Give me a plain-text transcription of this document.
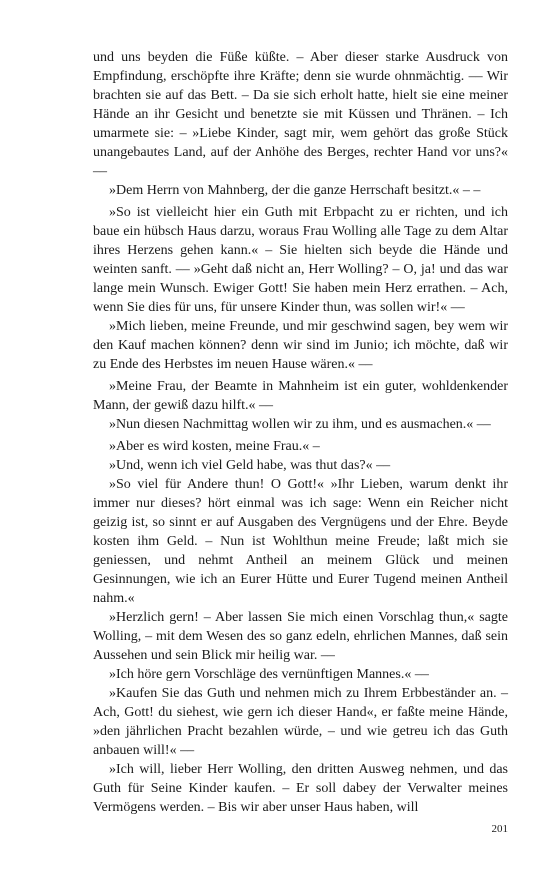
und uns beyden die Füße küßte. – Aber dieser starke Ausdruck von Empfindung, erschöpfte ihre Kräfte; denn sie wurde ohnmächtig. –– Wir brachten sie auf das Bett. – Da sie sich erholt hatte, hielt sie eine meiner Hände an ihr Gesicht und benetzte sie mit Küssen und Thränen. – Ich umarmete sie: – »Liebe Kinder, sagt mir, wem gehört das große Stück unangebautes Land, auf der Anhöhe des Berges, rechter Hand vor uns?« ––

»Dem Herrn von Mahnberg, der die ganze Herrschaft besitzt.« – –

»So ist vielleicht hier ein Guth mit Erbpacht zu er richten, und ich baue ein hübsch Haus darzu, woraus Frau Wolling alle Tage zu dem Altar ihres Herzens gehen kann.« – Sie hielten sich beyde die Hände und weinten sanft. –– »Geht daß nicht an, Herr Wolling? – O, ja! und das war lange mein Wunsch. Ewiger Gott! Sie haben mein Herz errathen. – Ach, wenn Sie dies für uns, für unsere Kinder thun, was sollen wir!« ––

»Mich lieben, meine Freunde, und mir geschwind sagen, bey wem wir den Kauf machen können? denn wir sind im Junio; ich möchte, daß wir zu Ende des Herbstes im neuen Hause wären.« ––

»Meine Frau, der Beamte in Mahnheim ist ein guter, wohldenkender Mann, der gewiß dazu hilft.« ––

»Nun diesen Nachmittag wollen wir zu ihm, und es ausmachen.« ––

»Aber es wird kosten, meine Frau.« –

»Und, wenn ich viel Geld habe, was thut das?« ––

»So viel für Andere thun! O Gott!« »Ihr Lieben, warum denkt ihr immer nur dieses? hört einmal was ich sage: Wenn ein Reicher nicht geizig ist, so sinnt er auf Ausgaben des Vergnügens und der Ehre. Beyde kosten ihm Geld. – Nun ist Wohlthun meine Freude; laßt mich sie geniessen, und nehmt Antheil an meinem Glück und meinen Gesinnungen, wie ich an Eurer Hütte und Eurer Tugend meinen Antheil nahm.«

»Herzlich gern! – Aber lassen Sie mich einen Vorschlag thun,« sagte Wolling, – mit dem Wesen des so ganz edeln, ehrlichen Mannes, daß sein Aussehen und sein Blick mir heilig war. ––

»Ich höre gern Vorschläge des vernünftigen Mannes.« ––

»Kaufen Sie das Guth und nehmen mich zu Ihrem Erbbeständer an. – Ach, Gott! du siehest, wie gern ich dieser Hand«, er faßte meine Hände, »den jährlichen Pracht bezahlen würde, – und wie getreu ich das Guth anbauen will!« ––

»Ich will, lieber Herr Wolling, den dritten Ausweg nehmen, und das Guth für Seine Kinder kaufen. – Er soll dabey der Verwalter meines Vermögens werden. – Bis wir aber unser Haus haben, will

201
